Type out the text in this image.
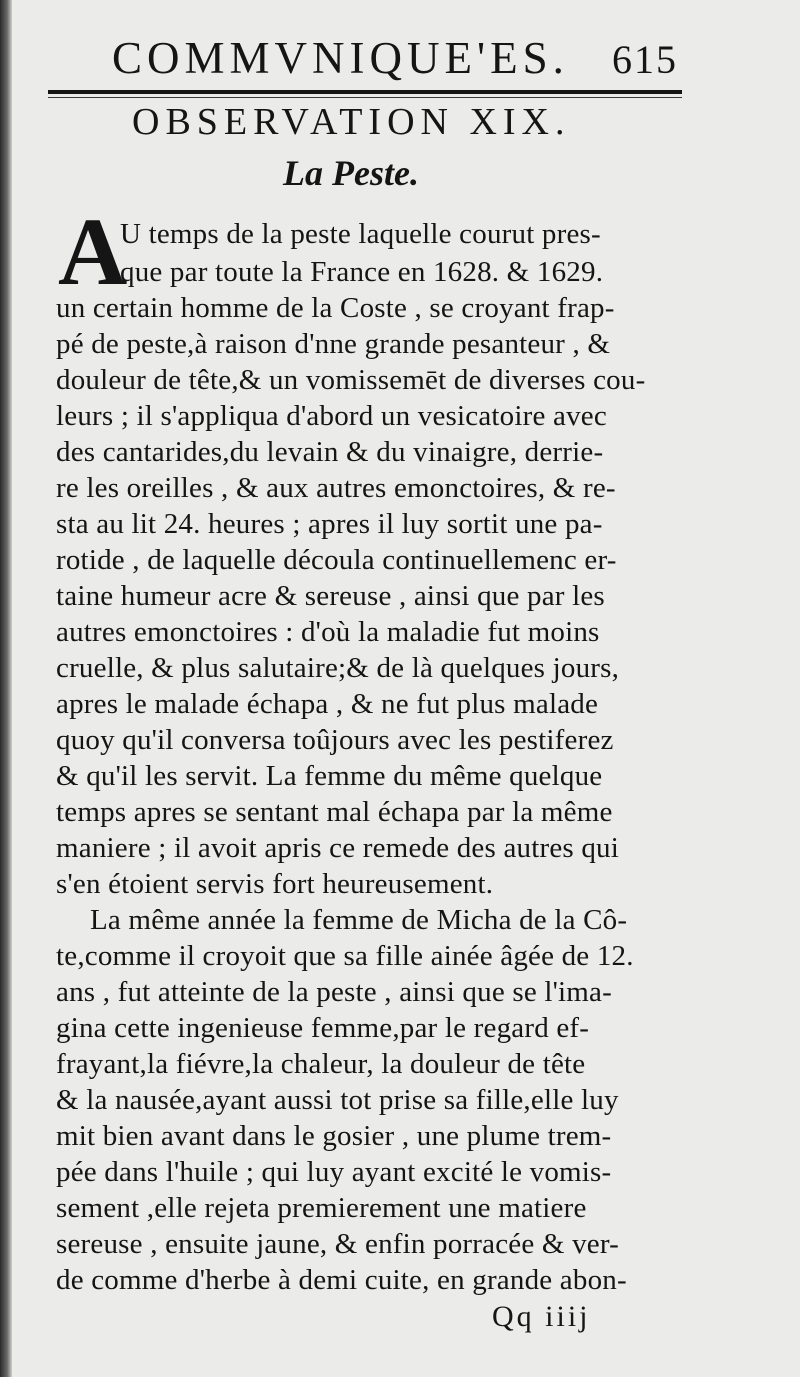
COMMVNIQUE'ES. 615
OBSERVATION XIX.
La Peste.
A
U temps de la peste laquelle courut pres-
que par toute la France en 1628. & 1629.
un certain homme de la Coste , se croyant frap-
pé de peste,à raison d'nne grande pesanteur , &
douleur de tête,& un vomissemēt de diverses cou-
leurs ; il s'appliqua d'abord un vesicatoire avec
des cantarides,du levain & du vinaigre, derrie-
re les oreilles , & aux autres emonctoires, & re-
sta au lit 24. heures ; apres il luy sortit une pa-
rotide , de laquelle découla continuellemenc er-
taine humeur acre & sereuse , ainsi que par les
autres emonctoires : d'où la maladie fut moins
cruelle, & plus salutaire;& de là quelques jours,
apres le malade échapa , & ne fut plus malade
quoy qu'il conversa toûjours avec les pestiferez
& qu'il les servit. La femme du même quelque
temps apres se sentant mal échapa par la même
maniere ; il avoit apris ce remede des autres qui
s'en étoient servis fort heureusement.
La même année la femme de Micha de la Cô-
te,comme il croyoit que sa fille ainée âgée de 12.
ans , fut atteinte de la peste , ainsi que se l'ima-
gina cette ingenieuse femme,par le regard ef-
frayant,la fiévre,la chaleur, la douleur de tête
& la nausée,ayant aussi tot prise sa fille,elle luy
mit bien avant dans le gosier , une plume trem-
pée dans l'huile ; qui luy ayant excité le vomis-
sement ,elle rejeta premierement une matiere
sereuse , ensuite jaune, & enfin porracée & ver-
de comme d'herbe à demi cuite, en grande abon-
Qq iiij
